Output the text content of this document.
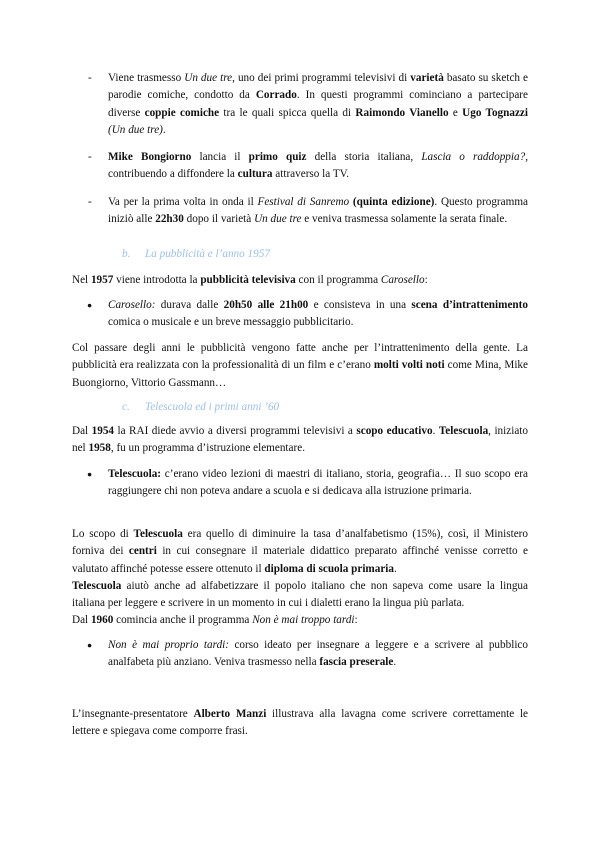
- Viene trasmesso Un due tre, uno dei primi programmi televisivi di varietà basato su sketch e parodie comiche, condotto da Corrado. In questi programmi cominciano a partecipare diverse coppie comiche tra le quali spicca quella di Raimondo Vianello e Ugo Tognazzi (Un due tre).
- Mike Bongiorno lancia il primo quiz della storia italiana, Lascia o raddoppia?, contribuendo a diffondere la cultura attraverso la TV.
- Va per la prima volta in onda il Festival di Sanremo (quinta edizione). Questo programma iniziò alle 22h30 dopo il varietà Un due tre e veniva trasmessa solamente la serata finale.
b. La pubblicità e l’anno 1957

Nel 1957 viene introdotta la pubblicità televisiva con il programma Carosello:

● Carosello: durava dalle 20h50 alle 21h00 e consisteva in una scena d’intrattenimento comica o musicale e un breve messaggio pubblicitario.

Col passare degli anni le pubblicità vengono fatte anche per l’intrattenimento della gente. La pubblicità era realizzata con la professionalità di un film e c’erano molti volti noti come Mina, Mike Buongiorno, Vittorio Gassmann…

c. Telescuola ed i primi anni ’60

Dal 1954 la RAI diede avvio a diversi programmi televisivi a scopo educativo. Telescuola, iniziato nel 1958, fu un programma d’istruzione elementare.

● Telescuola: c’erano video lezioni di maestri di italiano, storia, geografia… Il suo scopo era raggiungere chi non poteva andare a scuola e si dedicava alla istruzione primaria.

Lo scopo di Telescuola era quello di diminuire la tasa d’analfabetismo (15%), così, il Ministero forniva dei centri in cui consegnare il materiale didattico preparato affinché venisse corretto e valutato affinché potesse essere ottenuto il diploma di scuola primaria.

Telescuola aiutò anche ad alfabetizzare il popolo italiano che non sapeva come usare la lingua italiana per leggere e scrivere in un momento in cui i dialetti erano la lingua più parlata.

Dal 1960 comincia anche il programma Non è mai troppo tardi:

● Non è mai proprio tardi: corso ideato per insegnare a leggere e a scrivere al pubblico analfabeta più anziano. Veniva trasmesso nella fascia preserale.

L’insegnante-presentatore Alberto Manzi illustrava alla lavagna come scrivere correttamente le lettere e spiegava come comporre frasi.
